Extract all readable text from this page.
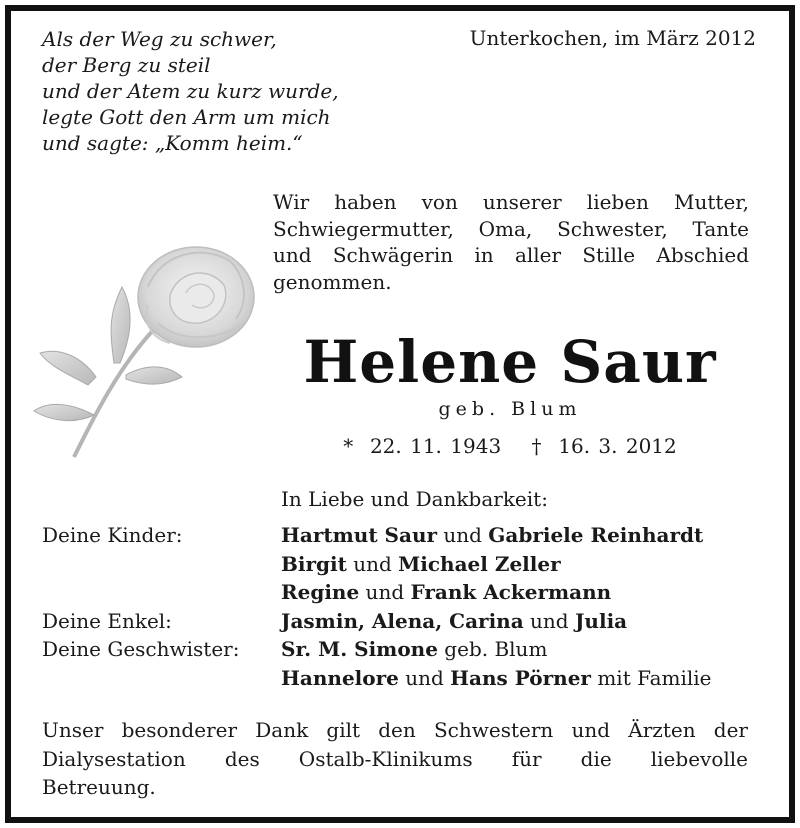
Als der Weg zu schwer,
der Berg zu steil
und der Atem zu kurz wurde,
legte Gott den Arm um mich
und sagte: „Komm heim.“
Unterkochen, im März 2012
Wir haben von unserer lieben Mutter,
Schwiegermutter, Oma, Schwester, Tante
und Schwägerin in aller Stille Abschied
genommen.
Helene Saur
geb. Blum
* 22. 11. 1943 † 16. 3. 2012
In Liebe und Dankbarkeit:
Deine Kinder:	Hartmut Saur und Gabriele Reinhardt
Birgit und Michael Zeller
Regine und Frank Ackermann
Deine Enkel:	Jasmin, Alena, Carina und Julia
Deine Geschwister:	Sr. M. Simone geb. Blum
Hannelore und Hans Pörner mit Familie
Unser besonderer Dank gilt den Schwestern und Ärzten der
Dialysestation des Ostalb-Klinikums für die liebevolle
Betreuung.
